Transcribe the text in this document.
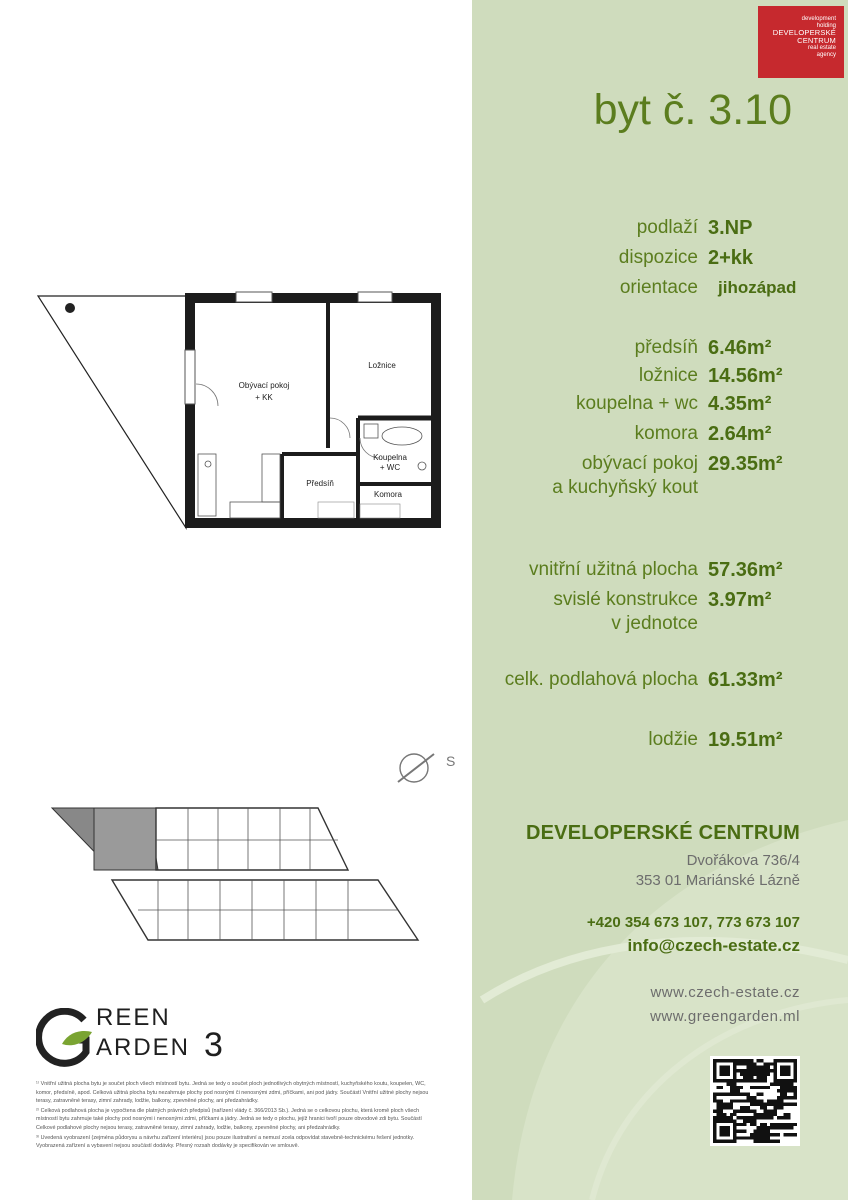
development
holding
DEVELOPERSKÉ
CENTRUM
real estate
agency
byt č. 3.10
podlaží 3.NP
dispozice 2+kk
orientace jihozápad
předsíň 6.46m²
ložnice 14.56m²
koupelna + wc 4.35m²
komora 2.64m²
obývací pokoj
a kuchyňský kout
29.35m²
vnitřní užitná plocha 57.36m²
svislé konstrukce
v jednotce
3.97m²
celk. podlahová plocha 61.33m²
lodžie 19.51m²
DEVELOPERSKÉ CENTRUM
Dvořákova 736/4
353 01 Mariánské Lázně
+420 354 673 107, 773 673 107
info@czech-estate.cz
www.czech-estate.cz
www.greengarden.ml
Obývací pokoj
+ KK
Ložnice
Koupelna
+ WC
Předsíň
Komora
S
REEN
ARDEN 3

¹⁾ Vnitřní užitná plocha bytu je součet ploch všech místností bytu. Jedná se tedy o součet ploch jednotlivých obytných místností, kuchyňského koutu, koupelen, WC, komor, předsíně, apod. Celková užitná plocha bytu nezahrnuje plochy pod nosnými či nenosnými zdmi, příčkami, ani pod jádry. Součástí Vnitřní užitné plochy nejsou terasy, zatravněné terasy, zimní zahrady, lodžie, balkony, zpevněné plochy, ani předzahrádky.

²⁾ Celková podlahová plocha je vypočtena dle platných právních předpisů (nařízení vlády č. 366/2013 Sb.). Jedná se o celkovou plochu, která kromě ploch všech místností bytu zahrnuje také plochy pod nosnými i nenosnými zdmi, příčkami a jádry. Jedná se tedy o plochu, jejíž hranici tvoří pouze obvodové zdi bytu. Součástí Celkové podlahové plochy nejsou terasy, zatravněné terasy, zimní zahrady, lodžie, balkony, zpevněné plochy, ani předzahrádky.

³⁾ Uvedená vyobrazení (zejména půdorysu a návrhu zařízení interiéru) jsou pouze ilustrativní a nemusí zcela odpovídat stavebně-technickému řešení jednotky. Vyobrazená zařízení a vybavení nejsou součástí dodávky. Přesný rozsah dodávky je specifikován ve smlouvě.
